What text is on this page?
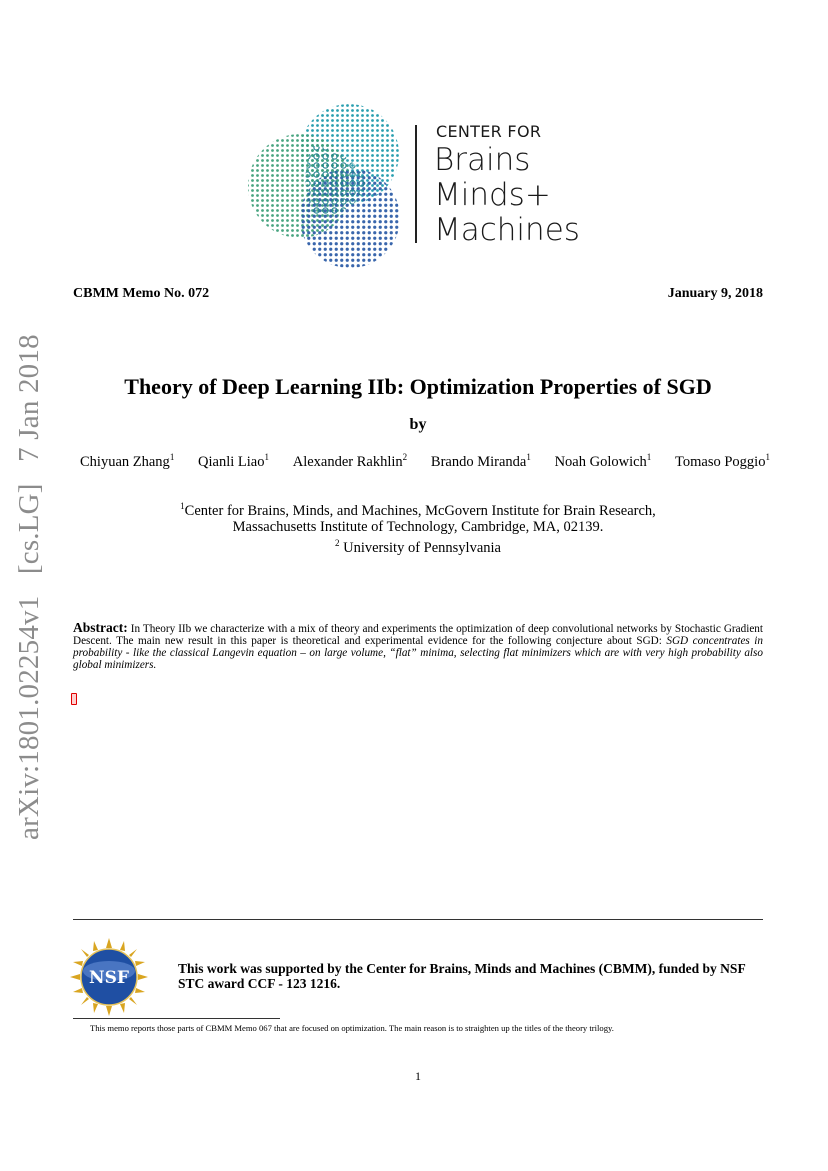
CENTER FOR
Brains
Minds+
Machines
CBMM Memo No. 072	January 9, 2018
arXiv:1801.02254v1 [cs.LG] 7 Jan 2018	Theory of Deep Learning IIb: Optimization Properties of SGD
by
Chiyuan Zhang$^1$ Qianli Liao$^1$ Alexander Rakhlin$^2$ Brando Miranda$^1$ Noah Golowich$^1$ Tomaso Poggio$^1$
$^1$Center for Brains, Minds, and Machines, McGovern Institute for Brain Research,
Massachusetts Institute of Technology, Cambridge, MA, 02139.
$^2$ University of Pennsylvania
Abstract: In Theory IIb we characterize with a mix of theory and experiments the optimization of deep convolutional networks by Stochastic Gradient Descent. The main new result in this paper is theoretical and experimental evidence for the following conjecture about SGD: SGD concentrates in probability - like the classical Langevin equation – on large volume, “flat” minima, selecting flat minimizers which are with very high probability also global minimizers.
NSF	This work was supported by the Center for Brains, Minds and Machines (CBMM), funded by NSF STC award CCF - 123 1216.
This memo reports those parts of CBMM Memo 067 that are focused on optimization. The main reason is to straighten up the titles of the theory trilogy.
1
